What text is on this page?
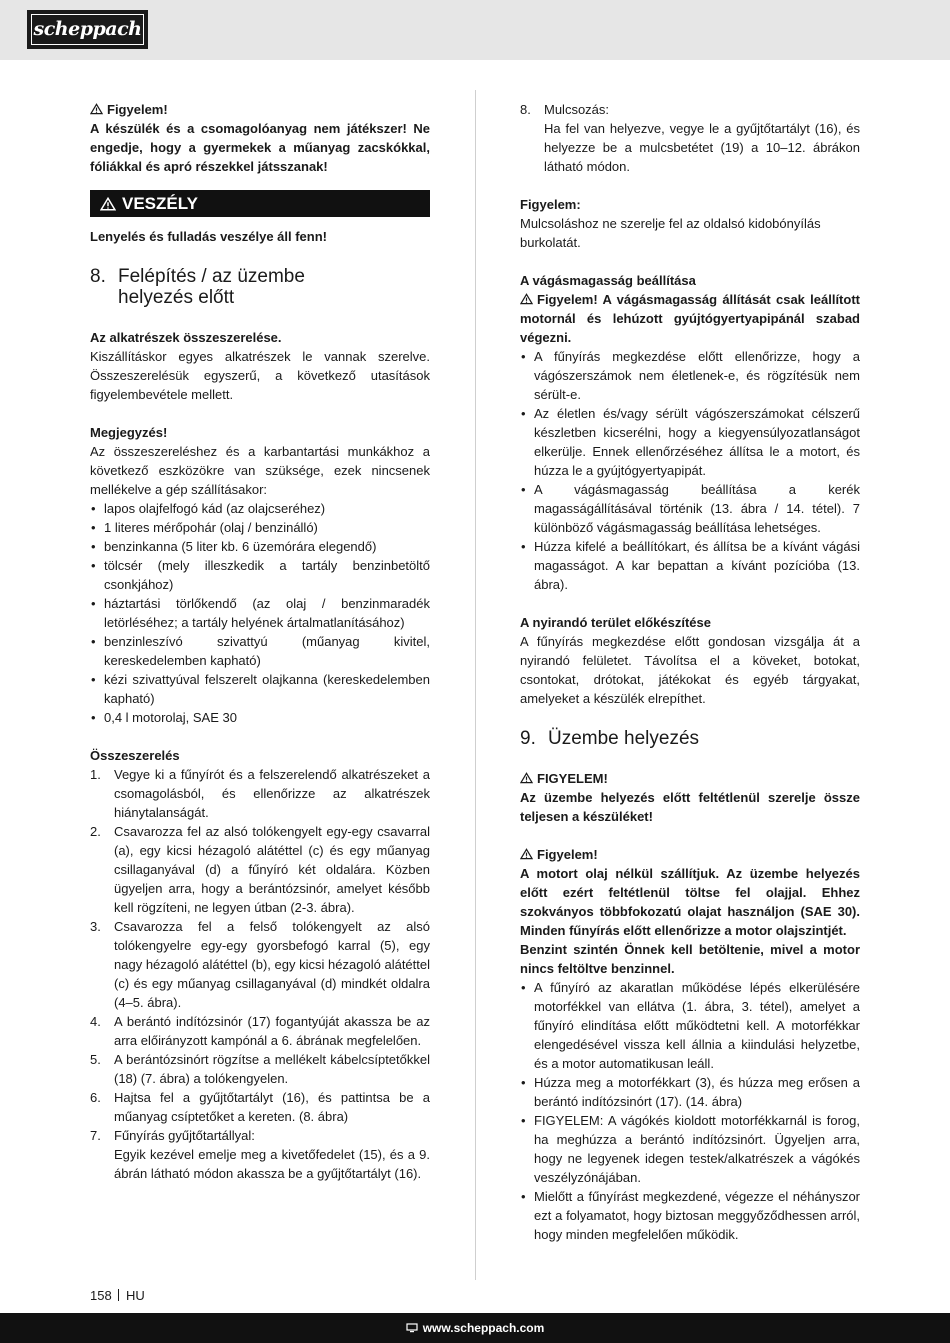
scheppach

Figyelem!

A készülék és a csomagolóanyag nem játékszer! Ne engedje, hogy a gyermekek a műanyag zacskókkal, fóliákkal és apró részekkel játsszanak!

VESZÉLY

Lenyelés és fulladás veszélye áll fenn!

8. Felépítés / az üzembe
helyezés előtt

Az alkatrészek összeszerelése.

Kiszállításkor egyes alkatrészek le vannak szerelve. Összeszerelésük egyszerű, a következő utasítások figyelembevétele mellett.

Megjegyzés!

Az összeszereléshez és a karbantartási munkákhoz a következő eszközökre van szüksége, ezek nincsenek mellékelve a gép szállításakor:

• lapos olajfelfogó kád (az olajcseréhez)
• 1 literes mérőpohár (olaj / benzinálló)
• benzinkanna (5 liter kb. 6 üzemórára elegendő)
• tölcsér (mely illeszkedik a tartály benzinbetöltő csonkjához)
• háztartási törlőkendő (az olaj / benzinmaradék letörléséhez; a tartály helyének ártalmatlanításához)
• benzinleszívó szivattyú (műanyag kivitel, kereskedelemben kapható)
• kézi szivattyúval felszerelt olajkanna (kereskedelemben kapható)
• 0,4 l motorolaj, SAE 30

Összeszerelés

1. Vegye ki a fűnyírót és a felszerelendő alkatrészeket a csomagolásból, és ellenőrizze az alkatrészek hiánytalanságát.
2. Csavarozza fel az alsó tolókengyelt egy-egy csavarral (a), egy kicsi hézagoló alátéttel (c) és egy műanyag csillaganyával (d) a fűnyíró két oldalára. Közben ügyeljen arra, hogy a berántózsinór, amelyet később kell rögzíteni, ne legyen útban (2-3. ábra).
3. Csavarozza fel a felső tolókengyelt az alsó tolókengyelre egy-egy gyorsbefogó karral (5), egy nagy hézagoló alátéttel (b), egy kicsi hézagoló alátéttel (c) és egy műanyag csillaganyával (d) mindkét oldalra (4–5. ábra).
4. A berántó indítózsinór (17) fogantyúját akassza be az arra előirányzott kampónál a 6. ábrának megfelelően.
5. A berántózsinórt rögzítse a mellékelt kábelcsíptetőkkel (18) (7. ábra) a tolókengyelen.
6. Hajtsa fel a gyűjtőtartályt (16), és pattintsa be a műanyag csíptetőket a kereten. (8. ábra)
7. Fűnyírás gyűjtőtartállyal:
Egyik kezével emelje meg a kivetőfedelet (15), és a 9. ábrán látható módon akassza be a gyűjtőtartályt (16).
8. Mulcsozás:

Ha fel van helyezve, vegye le a gyűjtőtartályt (16), és helyezze be a mulcsbetétet (19) a 10–12. ábrákon látható módon.

Figyelem:

Mulcsoláshoz ne szerelje fel az oldalsó kidobónyílás burkolatát.

A vágásmagasság beállítása

Figyelem! A vágásmagasság állítását csak leállított motornál és lehúzott gyújtógyertyapipánál szabad végezni.

• A fűnyírás megkezdése előtt ellenőrizze, hogy a vágószerszámok nem életlenek-e, és rögzítésük nem sérült-e.
• Az életlen és/vagy sérült vágószerszámokat célszerű készletben kicserélni, hogy a kiegyensúlyozatlanságot elkerülje. Ennek ellenőrzéséhez állítsa le a motort, és húzza le a gyújtógyertyapipát.
• A vágásmagasság beállítása a kerék magasságállításával történik (13. ábra / 14. tétel). 7 különböző vágásmagasság beállítása lehetséges.
• Húzza kifelé a beállítókart, és állítsa be a kívánt vágási magasságot. A kar bepattan a kívánt pozícióba (13. ábra).

A nyirandó terület előkészítése

A fűnyírás megkezdése előtt gondosan vizsgálja át a nyirandó felületet. Távolítsa el a köveket, botokat, csontokat, drótokat, játékokat és egyéb tárgyakat, amelyeket a készülék elrepíthet.

9. Üzembe helyezés

FIGYELEM!

Az üzembe helyezés előtt feltétlenül szerelje össze teljesen a készüléket!

Figyelem!

A motort olaj nélkül szállítjuk. Az üzembe helyezés előtt ezért feltétlenül töltse fel olajjal. Ehhez szokványos többfokozatú olajat használjon (SAE 30). Minden fűnyírás előtt ellenőrizze a motor olajszintjét.

Benzint szintén Önnek kell betöltenie, mivel a motor nincs feltöltve benzinnel.

• A fűnyíró az akaratlan működése lépés elkerülésére motorfékkel van ellátva (1. ábra, 3. tétel), amelyet a fűnyíró elindítása előtt működtetni kell. A motorfékkar elengedésével vissza kell állnia a kiindulási helyzetbe, és a motor automatikusan leáll.
• Húzza meg a motorfékkart (3), és húzza meg erősen a berántó indítózsinórt (17). (14. ábra)
• FIGYELEM: A vágókés kioldott motorfékkarnál is forog, ha meghúzza a berántó indítózsinórt. Ügyeljen arra, hogy ne legyenek idegen testek/alkatrészek a vágókés veszélyzónájában.
• Mielőtt a fűnyírást megkezdené, végezze el néhányszor ezt a folyamatot, hogy biztosan meggyőződhessen arról, hogy minden megfelelően működik.
158 HU
www.scheppach.com
